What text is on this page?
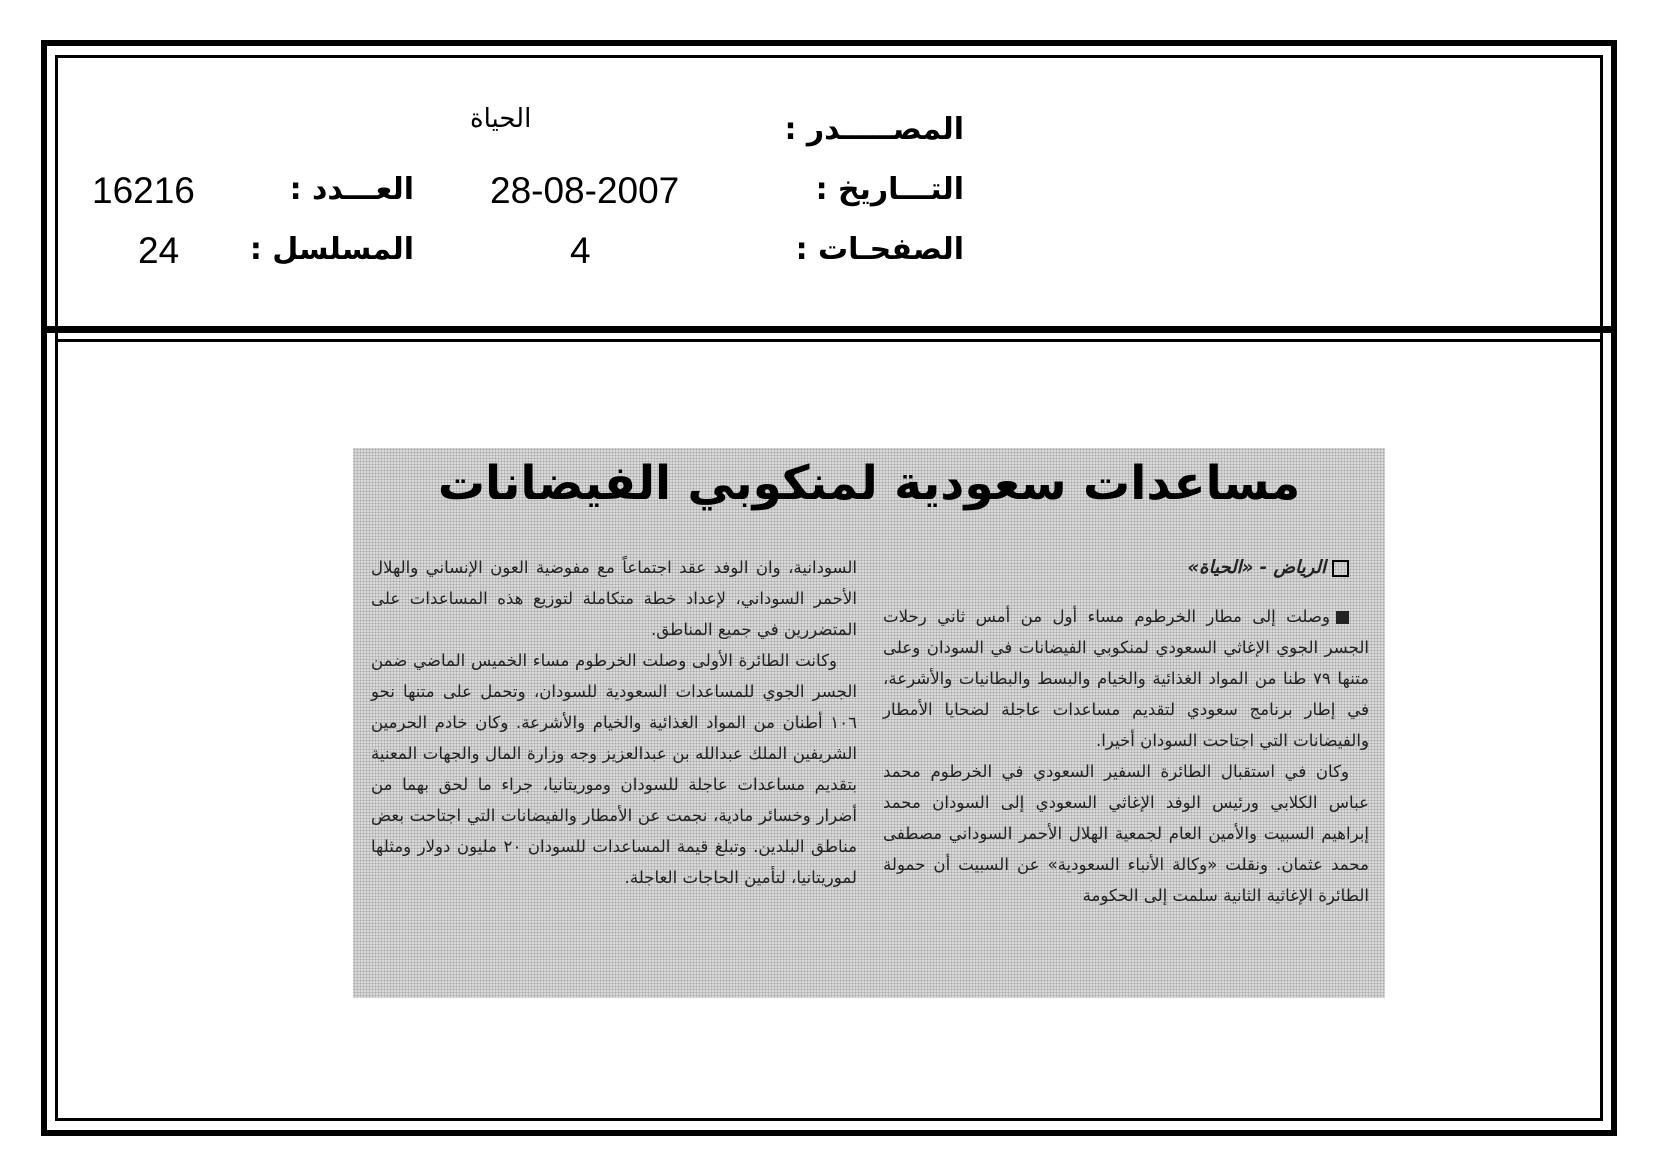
المصـــــدر :
الحياة
التـــاريخ :
28-08-2007
العـــدد :
16216
الصفحـات :
4
المسلسل :
24
مساعدات سعودية لمنكوبي الفيضانات
الرياض - «الحياة»

وصلت إلى مطار الخرطوم مساء أول من أمس ثاني رحلات الجسر الجوي الإغاثي السعودي لمنكوبي الفيضانات في السودان وعلى متنها ٧٩ طنا من المواد الغذائية والخيام والبسط والبطانيات والأشرعة، في إطار برنامج سعودي لتقديم مساعدات عاجلة لضحايا الأمطار والفيضانات التي اجتاحت السودان أخيرا.

وكان في استقبال الطائرة السفير السعودي في الخرطوم محمد عباس الكلابي ورئيس الوفد الإغاثي السعودي إلى السودان محمد إبراهيم السبيت والأمين العام لجمعية الهلال الأحمر السوداني مصطفى محمد عثمان. ونقلت «وكالة الأنباء السعودية» عن السبيت أن حمولة الطائرة الإغاثية الثانية سلمت إلى الحكومة

السودانية، وان الوفد عقد اجتماعاً مع مفوضية العون الإنساني والهلال الأحمر السوداني، لإعداد خطة متكاملة لتوزيع هذه المساعدات على المتضررين في جميع المناطق.

وكانت الطائرة الأولى وصلت الخرطوم مساء الخميس الماضي ضمن الجسر الجوي للمساعدات السعودية للسودان، وتحمل على متنها نحو ١٠٦ أطنان من المواد الغذائية والخيام والأشرعة. وكان خادم الحرمين الشريفين الملك عبدالله بن عبدالعزيز وجه وزارة المال والجهات المعنية بتقديم مساعدات عاجلة للسودان وموريتانيا، جراء ما لحق بهما من أضرار وخسائر مادية، نجمت عن الأمطار والفيضانات التي اجتاحت بعض مناطق البلدين. وتبلغ قيمة المساعدات للسودان ٢٠ مليون دولار ومثلها لموريتانيا، لتأمين الحاجات العاجلة.
